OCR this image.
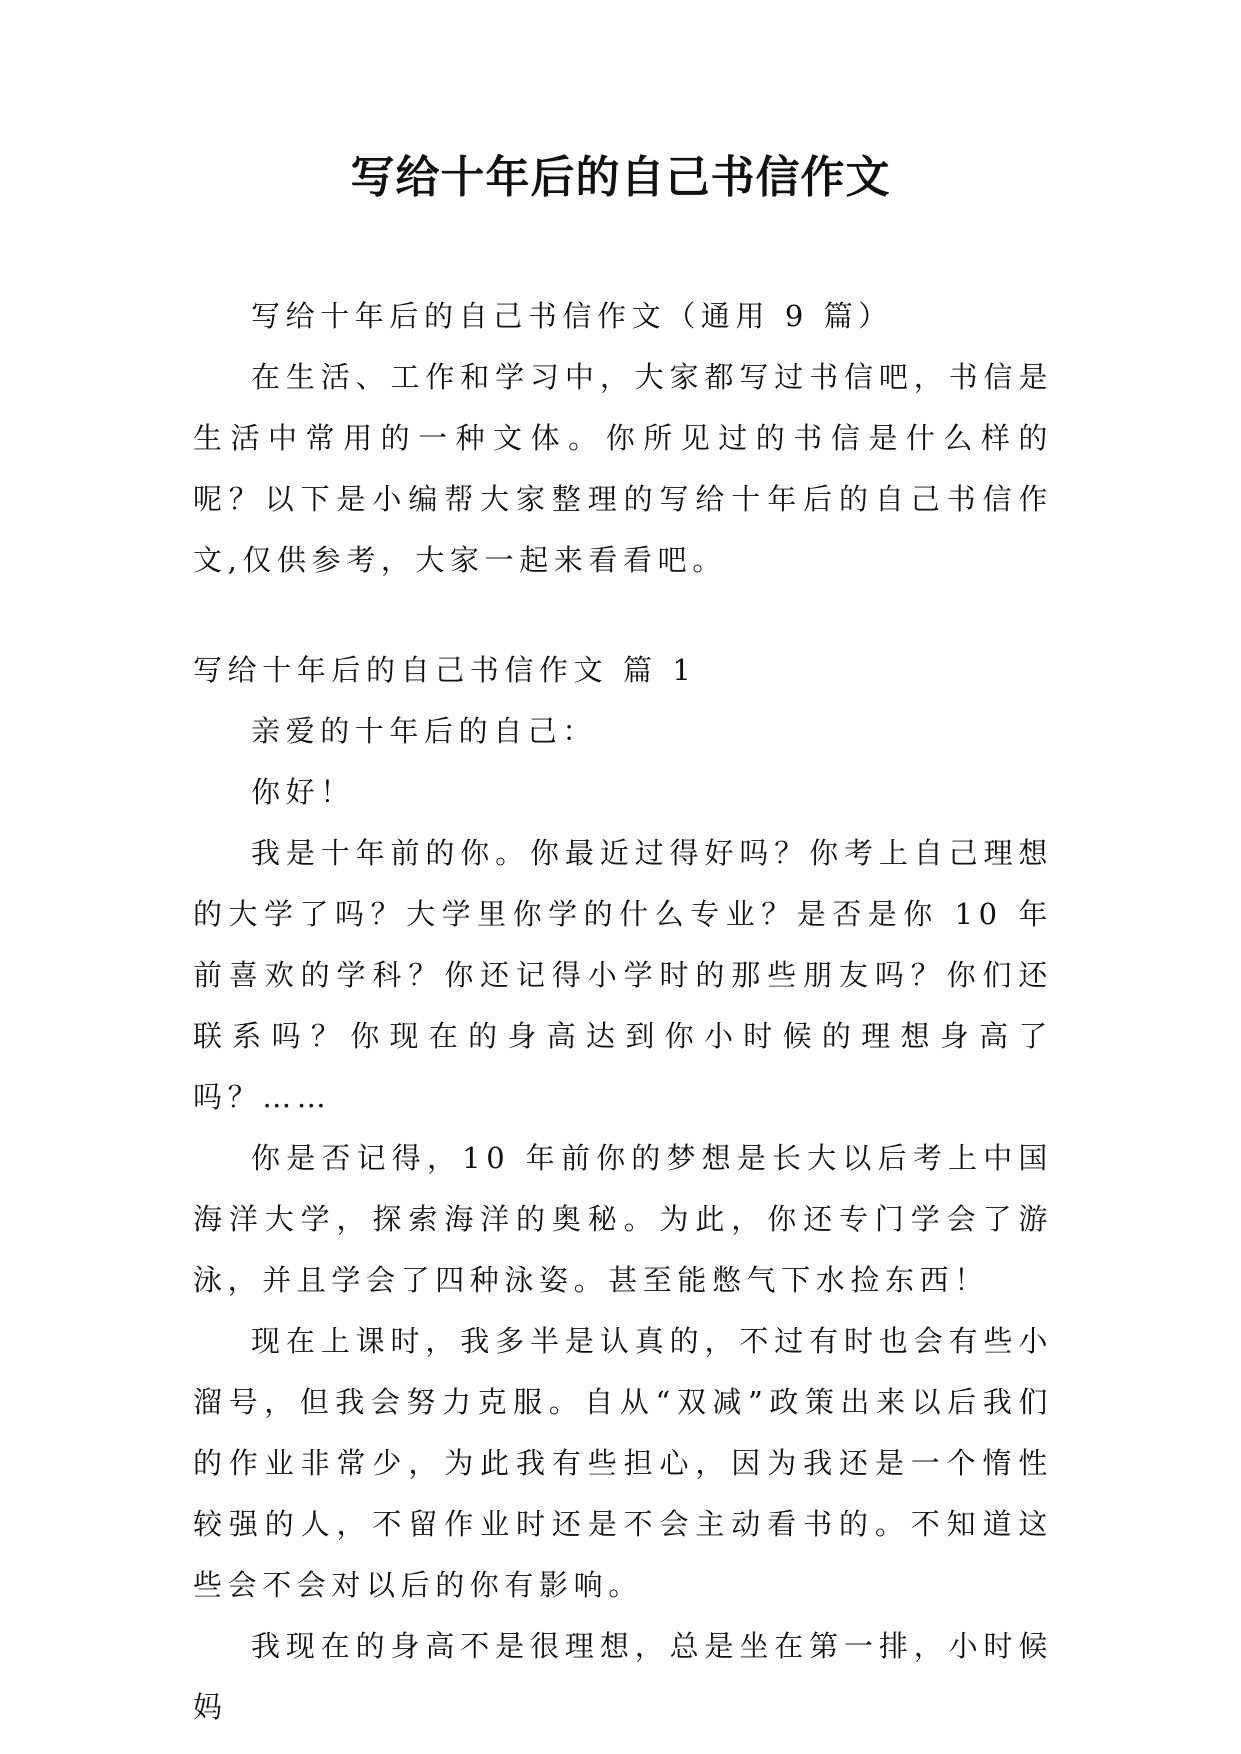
写给十年后的自己书信作文

写给十年后的自己书信作文（通用 9 篇）

在生活、工作和学习中，大家都写过书信吧，书信是生活中常用的一种文体。你所见过的书信是什么样的呢？以下是小编帮大家整理的写给十年后的自己书信作文,仅供参考，大家一起来看看吧。

写给十年后的自己书信作文 篇 1

亲爱的十年后的自己：

你好！

我是十年前的你。你最近过得好吗？你考上自己理想的大学了吗？大学里你学的什么专业？是否是你 10 年前喜欢的学科？你还记得小学时的那些朋友吗？你们还联系吗？你现在的身高达到你小时候的理想身高了吗？……

你是否记得，10 年前你的梦想是长大以后考上中国海洋大学，探索海洋的奥秘。为此，你还专门学会了游泳，并且学会了四种泳姿。甚至能憋气下水捡东西！

现在上课时，我多半是认真的，不过有时也会有些小溜号，但我会努力克服。自从“双减”政策出来以后我们的作业非常少，为此我有些担心，因为我还是一个惰性较强的人，不留作业时还是不会主动看书的。不知道这些会不会对以后的你有影响。

我现在的身高不是很理想，总是坐在第一排，小时候妈
